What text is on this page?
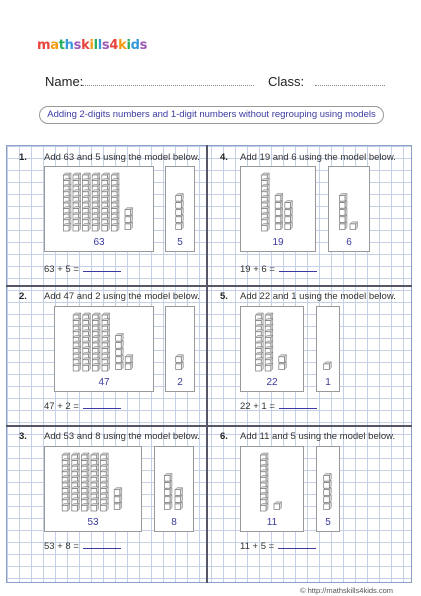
mathskills4kids
Name:	Class:
Adding 2-digits numbers and 1-digit numbers without regrouping using models
1. Add 63 and 5 using the model below.
63	5
63 + 5 =
4. Add 19 and 6 using the model below.
19	6
19 + 6 =
2. Add 47 and 2 using the model below.
47	2
47 + 2 =
5. Add 22 and 1 using the model below.
22	1
22 + 1 =
3. Add 53 and 8 using the model below.
53	8
53 + 8 =
6. Add 11 and 5 using the model below.
11	5
11 + 5 =
© http://mathskills4kids.com
